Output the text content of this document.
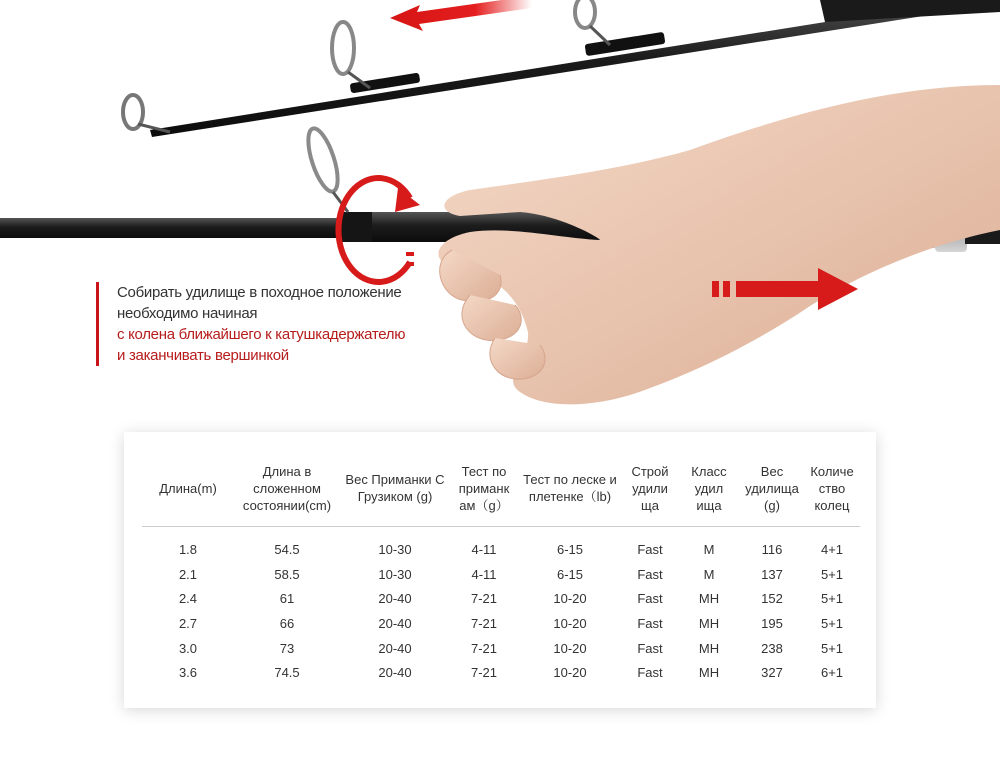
Собирать удилище в походное положение необходимо начиная
с колена ближайшего к катушкадержателю и заканчивать вершинкой
Длина(m)	Длина в сложенном состоянии(cm)	Вес Приманки С Грузиком (g)	Тест по приманк ам（g）	Тест по леске и плетенке（lb)	Строй удили ща	Класс удил ища	Вес удилища (g)	Количе ство колец
1.8	54.5	10-30	4-11	6-15	Fast	M	116	4+1
2.1	58.5	10-30	4-11	6-15	Fast	M	137	5+1
2.4	61	20-40	7-21	10-20	Fast	MH	152	5+1
2.7	66	20-40	7-21	10-20	Fast	MH	195	5+1
3.0	73	20-40	7-21	10-20	Fast	MH	238	5+1
3.6	74.5	20-40	7-21	10-20	Fast	MH	327	6+1
